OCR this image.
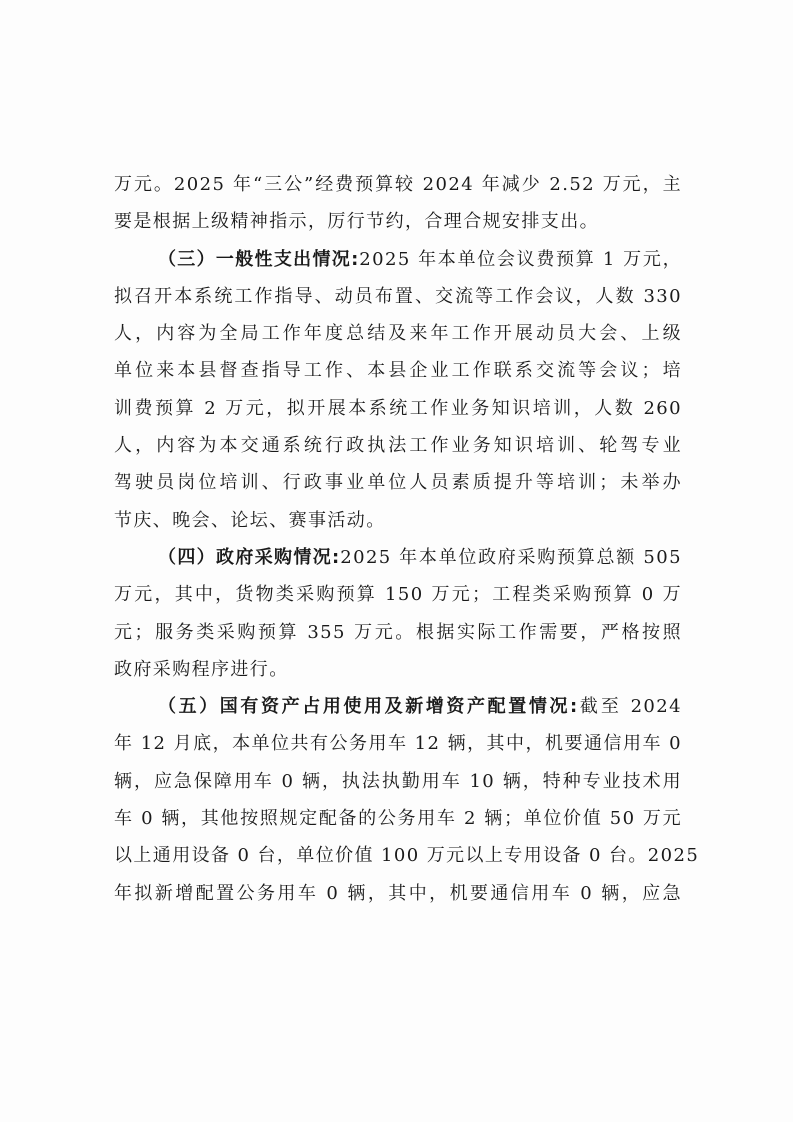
万元。2025 年“三公”经费预算较 2024 年减少 2.52 万元，主
要是根据上级精神指示，厉行节约，合理合规安排支出。
（三）一般性支出情况:2025 年本单位会议费预算 1 万元，
拟召开本系统工作指导、动员布置、交流等工作会议，人数 330
人，内容为全局工作年度总结及来年工作开展动员大会、上级
单位来本县督查指导工作、本县企业工作联系交流等会议；培
训费预算 2 万元，拟开展本系统工作业务知识培训，人数 260
人，内容为本交通系统行政执法工作业务知识培训、轮驾专业
驾驶员岗位培训、行政事业单位人员素质提升等培训；未举办
节庆、晚会、论坛、赛事活动。
（四）政府采购情况:2025 年本单位政府采购预算总额 505
万元，其中，货物类采购预算 150 万元；工程类采购预算 0 万
元；服务类采购预算 355 万元。根据实际工作需要，严格按照
政府采购程序进行。
（五）国有资产占用使用及新增资产配置情况:截至 2024
年 12 月底，本单位共有公务用车 12 辆，其中，机要通信用车 0
辆，应急保障用车 0 辆，执法执勤用车 10 辆，特种专业技术用
车 0 辆，其他按照规定配备的公务用车 2 辆；单位价值 50 万元
以上通用设备 0 台，单位价值 100 万元以上专用设备 0 台。2025
年拟新增配置公务用车 0 辆，其中，机要通信用车 0 辆，应急
